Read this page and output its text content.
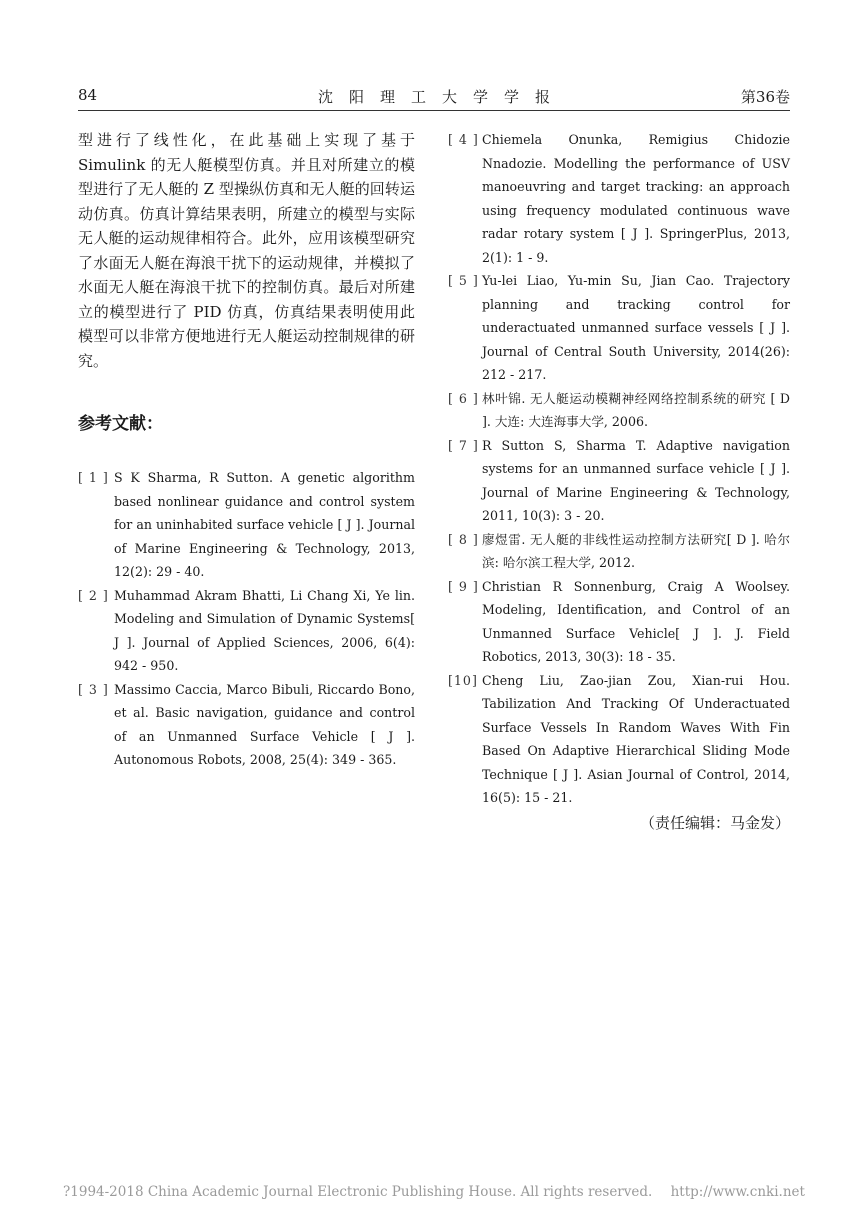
84	沈阳理工大学学报	第36卷

型进行了线性化，在此基础上实现了基于 Simulink 的无人艇模型仿真。并且对所建立的模型进行了无人艇的 Z 型操纵仿真和无人艇的回转运动仿真。仿真计算结果表明，所建立的模型与实际无人艇的运动规律相符合。此外，应用该模型研究了水面无人艇在海浪干扰下的运动规律，并模拟了水面无人艇在海浪干扰下的控制仿真。最后对所建立的模型进行了 PID 仿真，仿真结果表明使用此模型可以非常方便地进行无人艇运动控制规律的研究。

参考文献：
[ 1 ] S K Sharma, R Sutton. A genetic algorithm based nonlinear guidance and control system for an uninhabited surface vehicle [ J ]. Journal of Marine Engineering & Technology, 2013, 12(2): 29 - 40.
[ 2 ] Muhammad Akram Bhatti, Li Chang Xi, Ye lin. Modeling and Simulation of Dynamic Systems[ J ]. Journal of Applied Sciences, 2006, 6(4): 942 - 950.
[ 3 ] Massimo Caccia, Marco Bibuli, Riccardo Bono, et al. Basic navigation, guidance and control of an Unmanned Surface Vehicle [ J ]. Autonomous Robots, 2008, 25(4): 349 - 365.
[ 4 ] Chiemela Onunka, Remigius Chidozie Nnadozie. Modelling the performance of USV manoeuvring and target tracking: an approach using frequency modulated continuous wave radar rotary system [ J ]. SpringerPlus, 2013, 2(1): 1 - 9.
[ 5 ] Yu-lei Liao, Yu-min Su, Jian Cao. Trajectory planning and tracking control for underactuated unmanned surface vessels [ J ]. Journal of Central South University, 2014(26): 212 - 217.
[ 6 ] 林叶锦. 无人艇运动模糊神经网络控制系统的研究 [ D ]. 大连: 大连海事大学, 2006.
[ 7 ] R Sutton S, Sharma T. Adaptive navigation systems for an unmanned surface vehicle [ J ]. Journal of Marine Engineering & Technology, 2011, 10(3): 3 - 20.
[ 8 ] 廖煜雷. 无人艇的非线性运动控制方法研究[ D ]. 哈尔滨: 哈尔滨工程大学, 2012.
[ 9 ] Christian R Sonnenburg, Craig A Woolsey. Modeling, Identification, and Control of an Unmanned Surface Vehicle[ J ]. J. Field Robotics, 2013, 30(3): 18 - 35.
[10] Cheng Liu, Zao-jian Zou, Xian-rui Hou. Tabilization And Tracking Of Underactuated Surface Vessels In Random Waves With Fin Based On Adaptive Hierarchical Sliding Mode Technique [ J ]. Asian Journal of Control, 2014, 16(5): 15 - 21.
（责任编辑：马金发）
?1994-2018 China Academic Journal Electronic Publishing House. All rights reserved. http://www.cnki.net
